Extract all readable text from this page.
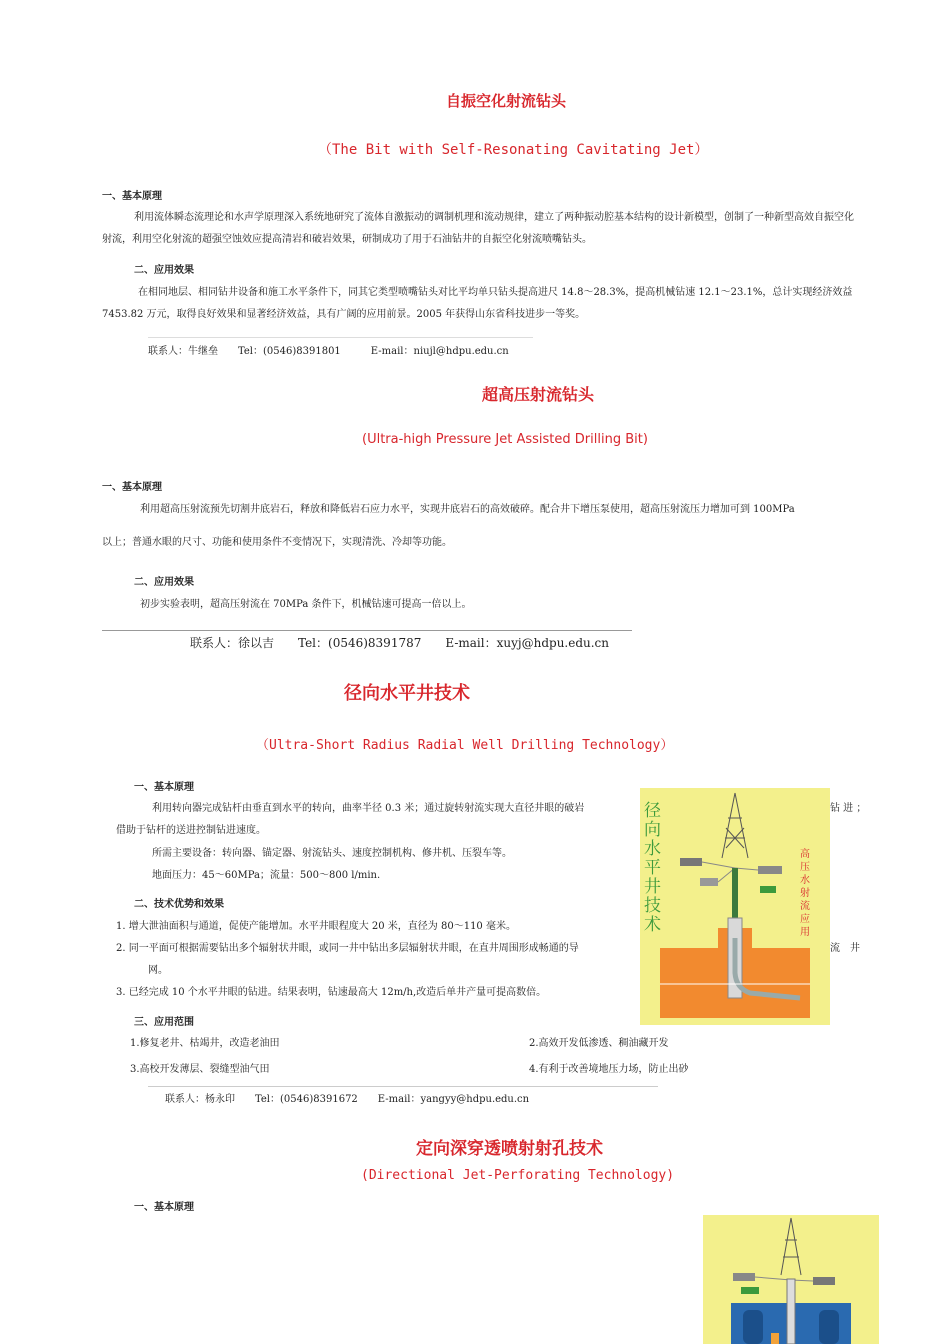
自振空化射流钻头
（The Bit with Self-Resonating Cavitating Jet）
一、基本原理
利用流体瞬态流理论和水声学原理深入系统地研究了流体自激振动的调制机理和流动规律，建立了两种振动腔基本结构的设计新模型，创制了一种新型高效自振空化射流，利用空化射流的超强空蚀效应提高清岩和破岩效果，研制成功了用于石油钻井的自振空化射流喷嘴钻头。
二、应用效果
在相同地层、相同钻井设备和施工水平条件下，同其它类型喷嘴钻头对比平均单只钻头提高进尺 14.8～28.3%，提高机械钻速 12.1～23.1%，总计实现经济效益 7453.82 万元，取得良好效果和显著经济效益，具有广阔的应用前景。2005 年获得山东省科技进步一等奖。
联系人：牛继垒　　Tel：(0546)8391801　　　E-mail：niujl@hdpu.edu.cn
超高压射流钻头
(Ultra-high Pressure Jet Assisted Drilling Bit)
一、基本原理
利用超高压射流预先切割井底岩石，释放和降低岩石应力水平，实现井底岩石的高效破碎。配合井下增压泵使用，超高压射流压力增加可到 100MPa
以上；普通水眼的尺寸、功能和使用条件不变情况下，实现清洗、冷却等功能。
二、应用效果
初步实验表明，超高压射流在 70MPa 条件下，机械钻速可提高一倍以上。
联系人：徐以吉　　Tel：(0546)8391787　　E-mail：xuyj@hdpu.edu.cn
径向水平井技术
（Ultra-Short Radius Radial Well Drilling Technology）
一、基本原理
利用转向器完成钻杆由垂直到水平的转向，曲率半径 0.3 米；通过旋转射流实现大直径井眼的破岩	钻 进 ；
借助于钻杆的送进控制钻进速度。
所需主要设备：转向器、锚定器、射流钻头、速度控制机构、修井机、压裂车等。
地面压力：45～60MPa；流量：500～800 l/min.
二、技术优势和效果
1. 增大泄油面积与通道，促使产能增加。水平井眼程度大 20 米，直径为 80～110 毫米。
2. 同一平面可根据需要钻出多个辐射状井眼，或同一井中钻出多层辐射状井眼，在直井周围形成畅通的导	流　井
网。
3. 已经完成 10 个水平井眼的钻进。结果表明，钻速最高大 12m/h,改造后单井产量可提高数倍。
三、应用范围
1.修复老井、枯竭井，改造老油田	2.高效开发低渗透、稠油藏开发
3.高校开发薄层、裂缝型油气田	4.有利于改善境地压力场，防止出砂
联系人：杨永印　　Tel：(0546)8391672　　E-mail：yangyy@hdpu.edu.cn
径向水平井技术
高压水射流应用
定向深穿透喷射射孔技术
(Directional Jet-Perforating Technology)
一、基本原理
